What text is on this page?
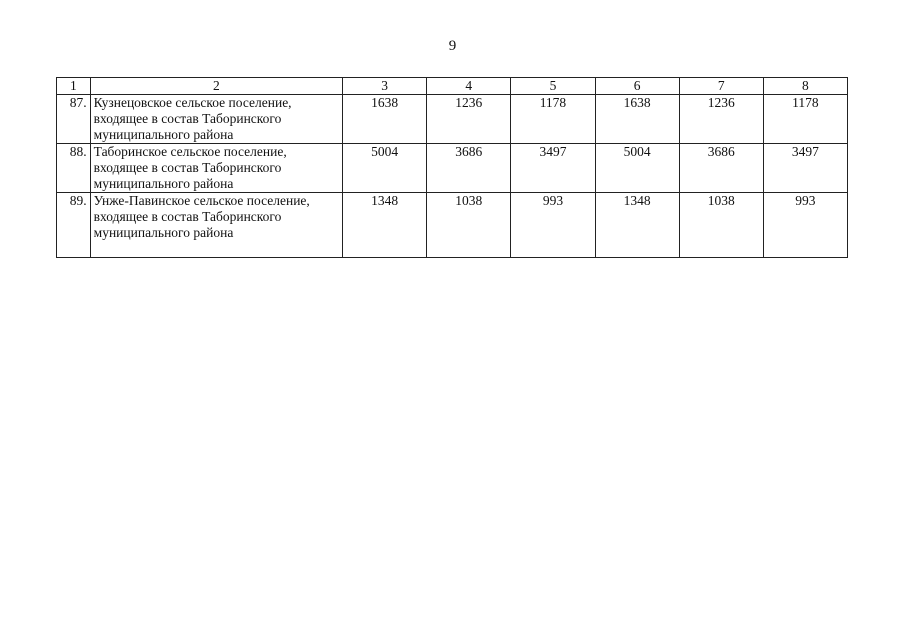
9
1	2	3	4	5	6	7	8
87.	Кузнецовское сельское поселение, входящее в состав Таборинского муниципального района	1638	1236	1178	1638	1236	1178
88.	Таборинское сельское поселение, входящее в состав Таборинского муниципального района	5004	3686	3497	5004	3686	3497
89.	Унже-Павинское сельское поселение, входящее в состав Таборинского муниципального района	1348	1038	993	1348	1038	993
